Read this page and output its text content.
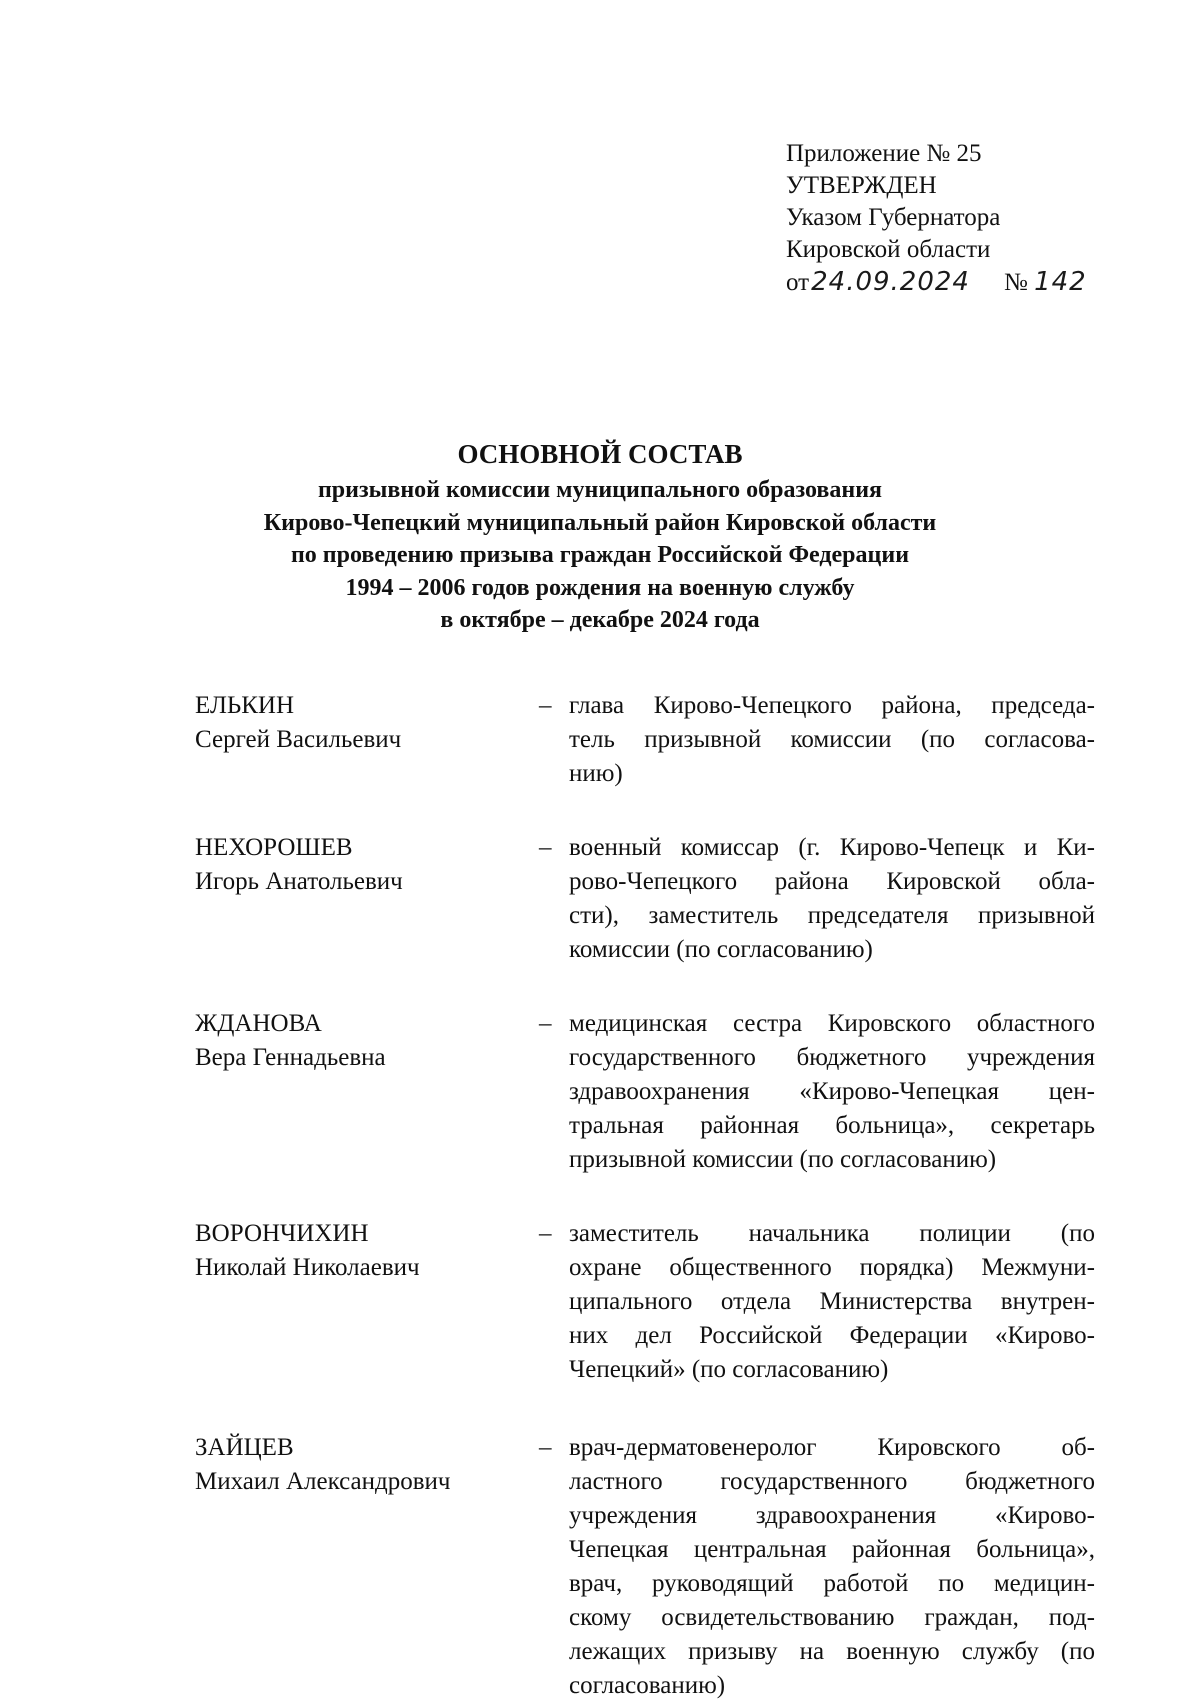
Приложение № 25
УТВЕРЖДЕН
Указом Губернатора
Кировской области
от24.09.2024 № 142
ОСНОВНОЙ СОСТАВ
призывной комиссии муниципального образования
Кирово-Чепецкий муниципальный район Кировской области
по проведению призыва граждан Российской Федерации
1994 – 2006 годов рождения на военную службу
в октябре – декабре 2024 года
ЕЛЬКИН
Сергей Васильевич
– глава Кирово-Чепецкого района, председа-
тель призывной комиссии (по согласова-
нию)
НЕХОРОШЕВ
Игорь Анатольевич
– военный комиссар (г. Кирово-Чепецк и Ки-
рово-Чепецкого района Кировской обла-
сти), заместитель председателя призывной
комиссии (по согласованию)
ЖДАНОВА
Вера Геннадьевна
– медицинская сестра Кировского областного
государственного бюджетного учреждения
здравоохранения «Кирово-Чепецкая цен-
тральная районная больница», секретарь
призывной комиссии (по согласованию)
ВОРОНЧИХИН
Николай Николаевич
– заместитель начальника полиции (по
охране общественного порядка) Межмуни-
ципального отдела Министерства внутрен-
них дел Российской Федерации «Кирово-
Чепецкий» (по согласованию)
ЗАЙЦЕВ
Михаил Александрович
– врач-дерматовенеролог Кировского об-
ластного государственного бюджетного
учреждения здравоохранения «Кирово-
Чепецкая центральная районная больница»,
врач, руководящий работой по медицин-
скому освидетельствованию граждан, под-
лежащих призыву на военную службу (по
согласованию)
